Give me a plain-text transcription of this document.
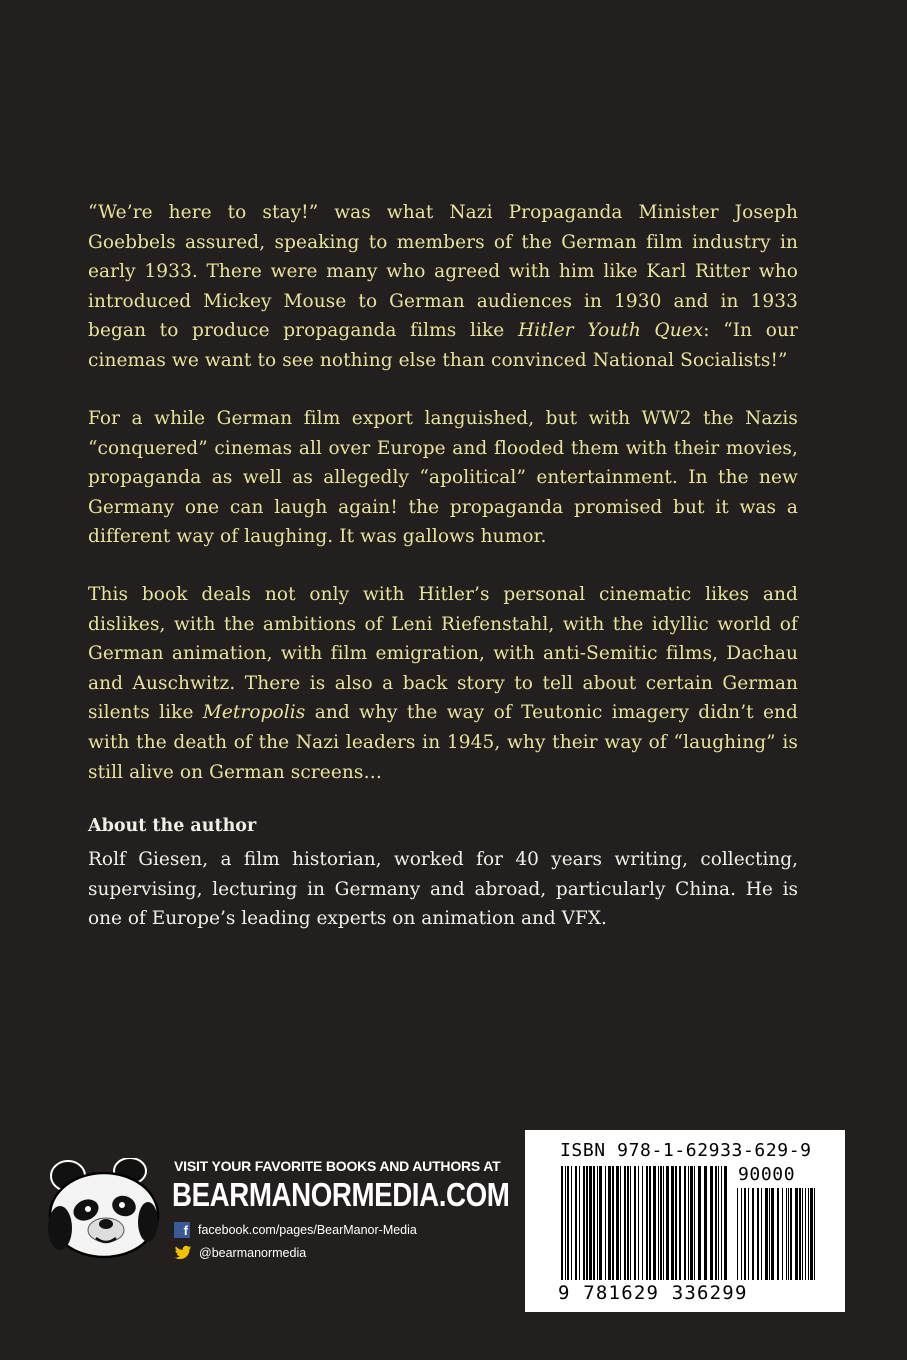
“We’re here to stay!” was what Nazi Propaganda Minister Joseph Goebbels assured, speaking to members of the German film industry in early 1933. There were many who agreed with him like Karl Ritter who introduced Mickey Mouse to German audiences in 1930 and in 1933 began to produce propaganda films like Hitler Youth Quex: “In our cinemas we want to see nothing else than convinced National Socialists!”

For a while German film export languished, but with WW2 the Nazis “conquered” cinemas all over Europe and flooded them with their movies, propaganda as well as allegedly “apolitical” entertainment. In the new Germany one can laugh again! the propaganda promised but it was a different way of laughing. It was gallows humor.

This book deals not only with Hitler’s personal cinematic likes and dislikes, with the ambitions of Leni Riefenstahl, with the idyllic world of German animation, with film emigration, with anti-Semitic films, Dachau and Auschwitz. There is also a back story to tell about certain German silents like Metropolis and why the way of Teutonic imagery didn’t end with the death of the Nazi leaders in 1945, why their way of “laughing” is still alive on German screens…

About the author

Rolf Giesen, a film historian, worked for 40 years writing, collecting, supervising, lecturing in Germany and abroad, particularly China. He is one of Europe’s leading experts on animation and VFX.

VISIT YOUR FAVORITE BOOKS AND AUTHORS AT
BEARMANORMEDIA.COM
f facebook.com/pages/BearManor-Media
@bearmanormedia
ISBN 978-1-62933-629-9
90000
9 781629 336299
